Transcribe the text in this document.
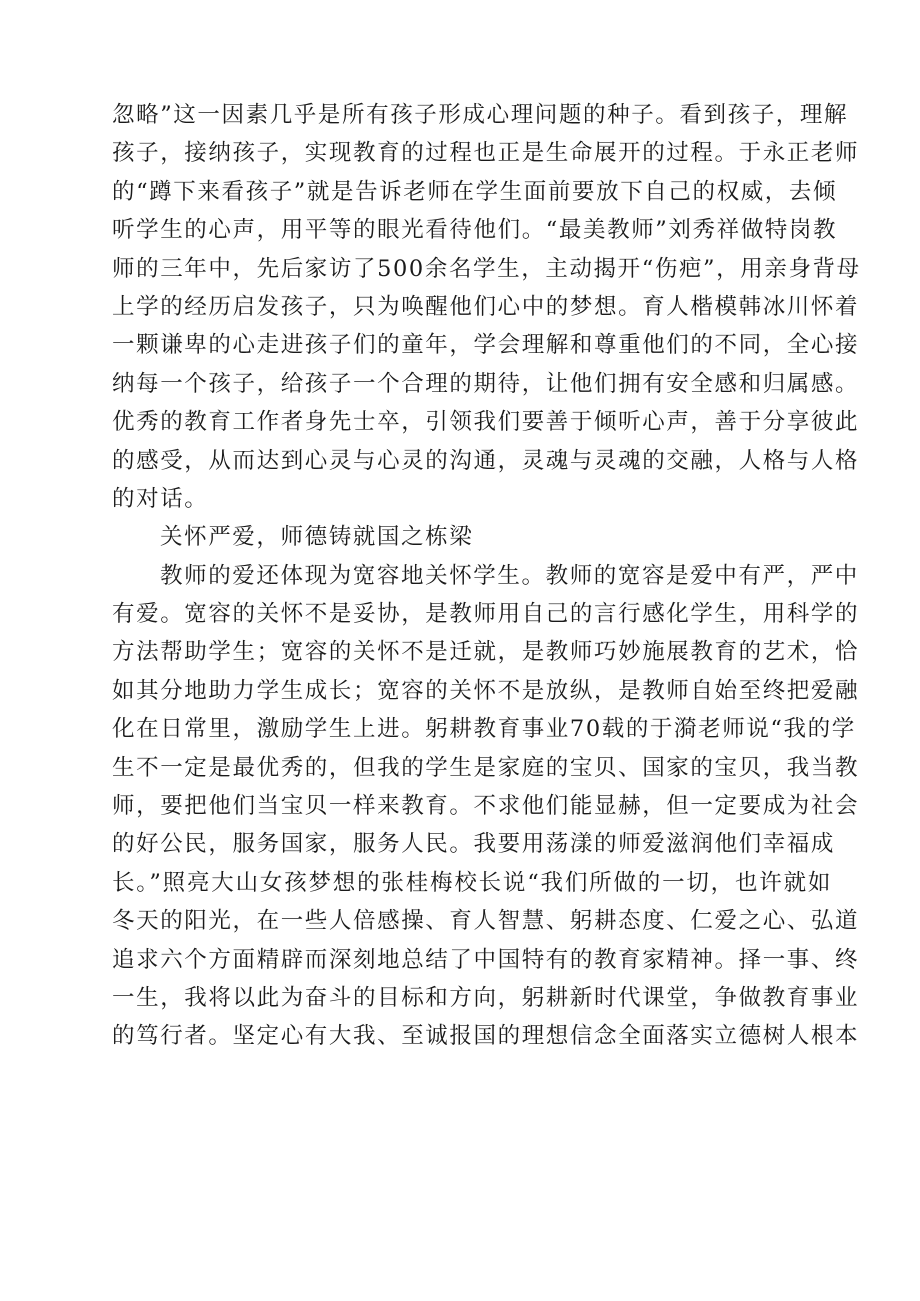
忽略”这一因素几乎是所有孩子形成心理问题的种子。看到孩子，理解
孩子，接纳孩子，实现教育的过程也正是生命展开的过程。于永正老师
的“蹲下来看孩子”就是告诉老师在学生面前要放下自己的权威，去倾
听学生的心声，用平等的眼光看待他们。“最美教师”刘秀祥做特岗教
师的三年中，先后家访了500余名学生，主动揭开“伤疤”，用亲身背母
上学的经历启发孩子，只为唤醒他们心中的梦想。育人楷模韩冰川怀着
一颗谦卑的心走进孩子们的童年，学会理解和尊重他们的不同，全心接
纳每一个孩子，给孩子一个合理的期待，让他们拥有安全感和归属感。
优秀的教育工作者身先士卒，引领我们要善于倾听心声，善于分享彼此
的感受，从而达到心灵与心灵的沟通，灵魂与灵魂的交融，人格与人格
的对话。
关怀严爱，师德铸就国之栋梁
教师的爱还体现为宽容地关怀学生。教师的宽容是爱中有严，严中
有爱。宽容的关怀不是妥协，是教师用自己的言行感化学生，用科学的
方法帮助学生；宽容的关怀不是迁就，是教师巧妙施展教育的艺术，恰
如其分地助力学生成长；宽容的关怀不是放纵，是教师自始至终把爱融
化在日常里，激励学生上进。躬耕教育事业70载的于漪老师说“我的学
生不一定是最优秀的，但我的学生是家庭的宝贝、国家的宝贝，我当教
师，要把他们当宝贝一样来教育。不求他们能显赫，但一定要成为社会
的好公民，服务国家，服务人民。我要用荡漾的师爱滋润他们幸福成
长。”照亮大山女孩梦想的张桂梅校长说“我们所做的一切，也许就如
冬天的阳光，在一些人倍感操、育人智慧、躬耕态度、仁爱之心、弘道
追求六个方面精辟而深刻地总结了中国特有的教育家精神。择一事、终
一生，我将以此为奋斗的目标和方向，躬耕新时代课堂，争做教育事业
的笃行者。坚定心有大我、至诚报国的理想信念全面落实立德树人根本
